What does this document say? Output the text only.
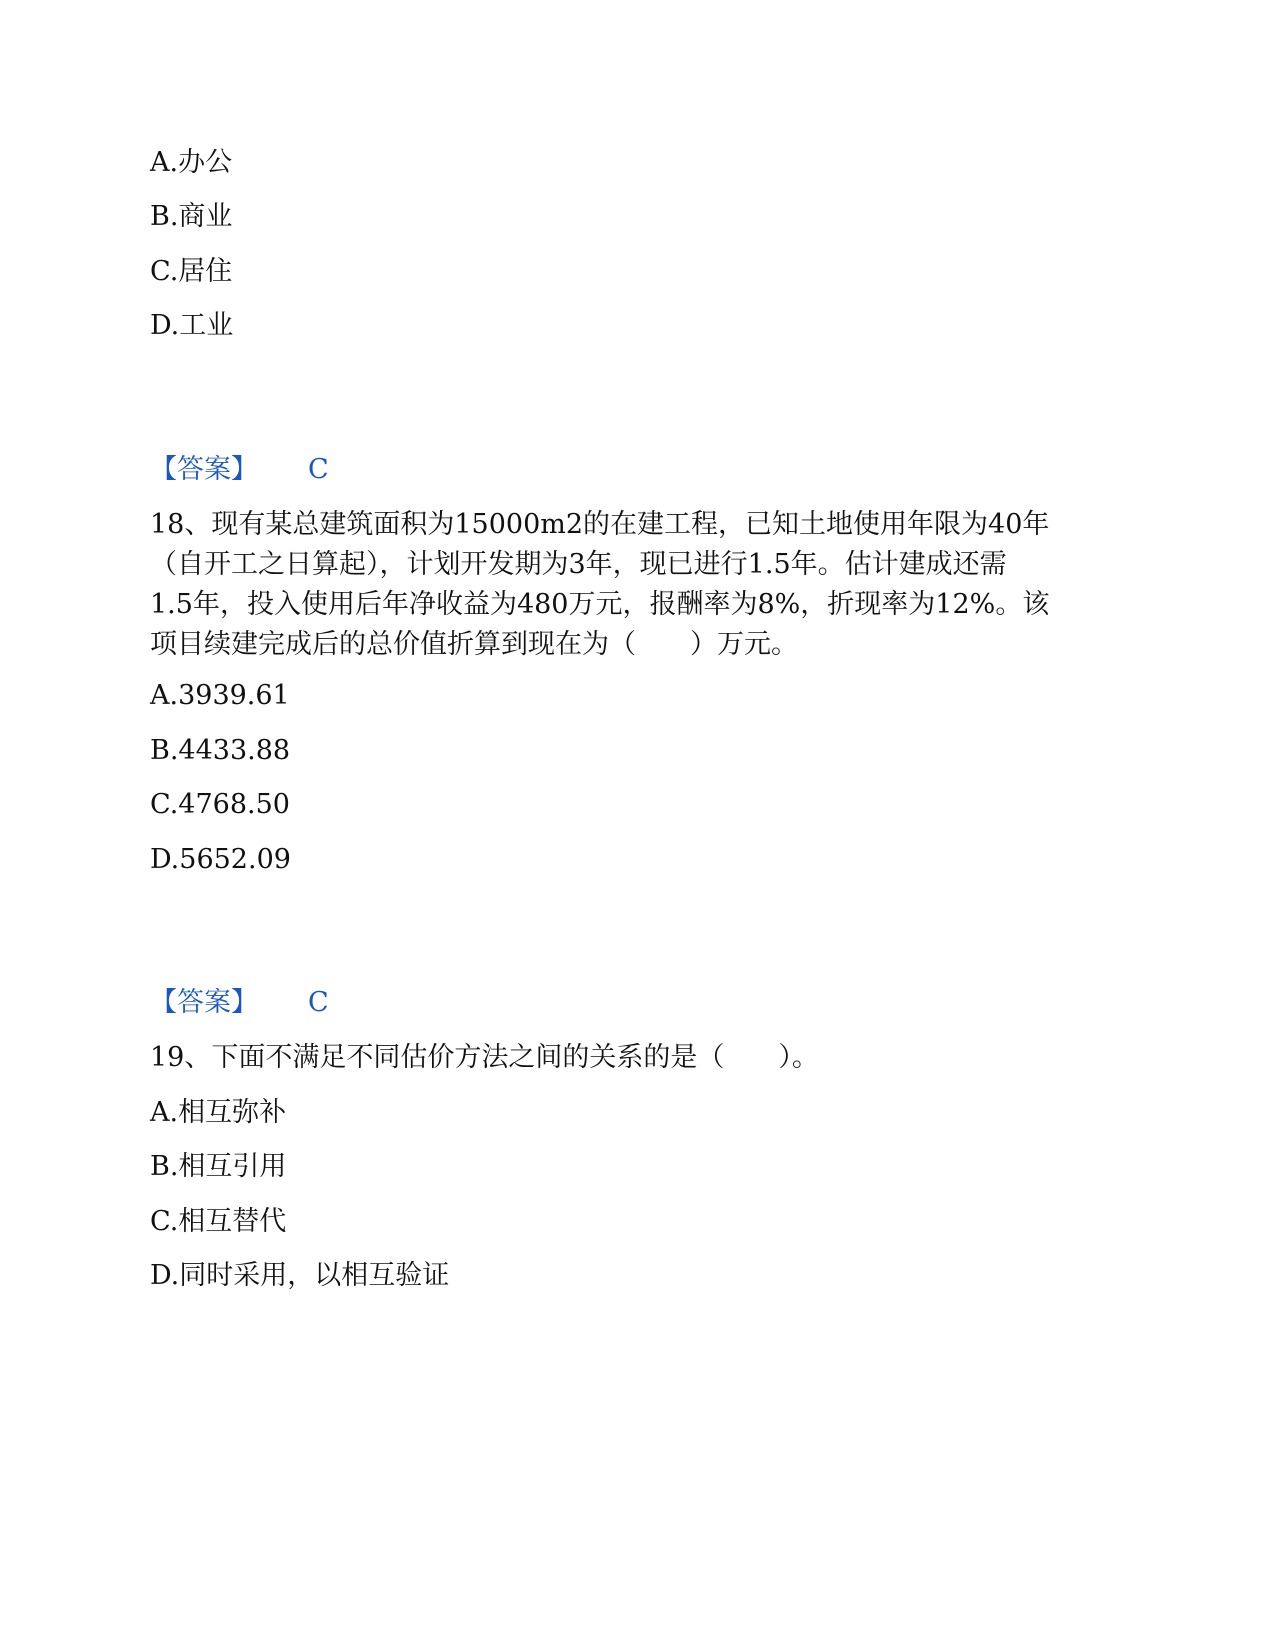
A.办公
B.商业
C.居住
D.工业
【答案】 C
18、现有某总建筑面积为15000m2的在建工程，已知土地使用年限为40年
（自开工之日算起），计划开发期为3年，现已进行1.5年。估计建成还需
1.5年，投入使用后年净收益为480万元，报酬率为8%，折现率为12%。该
项目续建完成后的总价值折算到现在为（　　）万元。
A.3939.61
B.4433.88
C.4768.50
D.5652.09
【答案】 C
19、下面不满足不同估价方法之间的关系的是（　　）。
A.相互弥补
B.相互引用
C.相互替代
D.同时采用，以相互验证
